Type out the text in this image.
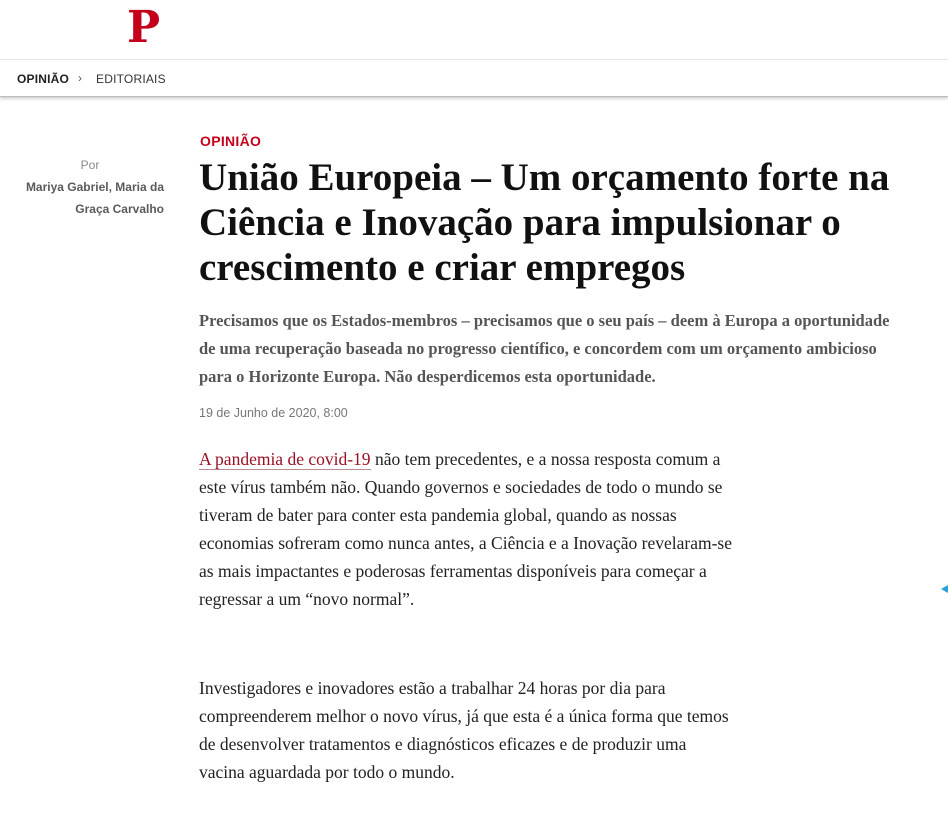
P
OPINIÃO › EDITORIAIS
Por
Mariya Gabriel, Maria da Graça Carvalho
OPINIÃO
União Europeia – Um orçamento forte na Ciência e Inovação para impulsionar o crescimento e criar empregos

Precisamos que os Estados-membros – precisamos que o seu país – deem à Europa a oportunidade de uma recuperação baseada no progresso científico, e concordem com um orçamento ambicioso para o Horizonte Europa. Não desperdicemos esta oportunidade.

19 de Junho de 2020, 8:00

A pandemia de covid-19 não tem precedentes, e a nossa resposta comum a este vírus também não. Quando governos e sociedades de todo o mundo se tiveram de bater para conter esta pandemia global, quando as nossas economias sofreram como nunca antes, a Ciência e a Inovação revelaram-se as mais impactantes e poderosas ferramentas disponíveis para começar a regressar a um “novo normal”.

Investigadores e inovadores estão a trabalhar 24 horas por dia para compreenderem melhor o novo vírus, já que esta é a única forma que temos de desenvolver tratamentos e diagnósticos eficazes e de produzir uma vacina aguardada por todo o mundo.
